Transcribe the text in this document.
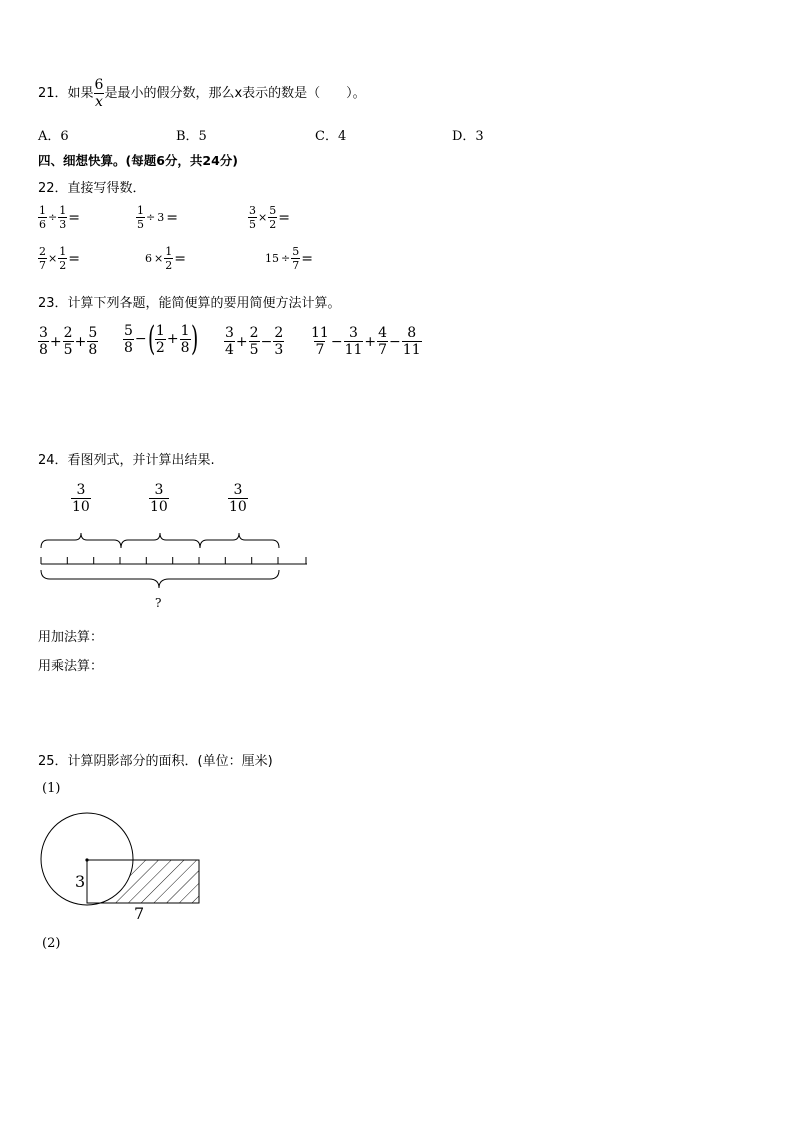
21．如果 $\frac{6}{x}$ 是最小的假分数，那么x表示的数是（　　）。
A．6	B．5	C．4	D．3
四、细想快算。(每题6分，共24分)
22．直接写得数．
$\frac{1}{6} \div \frac{1}{3}$ =	$\frac{1}{5} \div 3$ =	$\frac{3}{5} \times \frac{5}{2}$ =
$\frac{2}{7} \times \frac{1}{2}$ =	$6 \times \frac{1}{2}$ =	$15 \div \frac{5}{7}$ =
23．计算下列各题，能简便算的要用简便方法计算。
$\frac{3}{8} + \frac{2}{5} + \frac{5}{8} \frac{5}{8}$ −( $\frac{1}{2} + \frac{1}{8}$ ) $\frac{3}{4} + \frac{2}{5} - \frac{2}{3} \frac{11}{7} - \frac{3}{11} + \frac{4}{7} - \frac{8}{11}$
24．看图列式，并计算出结果.
$\frac{3}{10}$	$\frac{3}{10}$	$\frac{3}{10}$
?
用加法算：
用乘法算：
25．计算阴影部分的面积．(单位：厘米)
(1)
3
7
(2)
